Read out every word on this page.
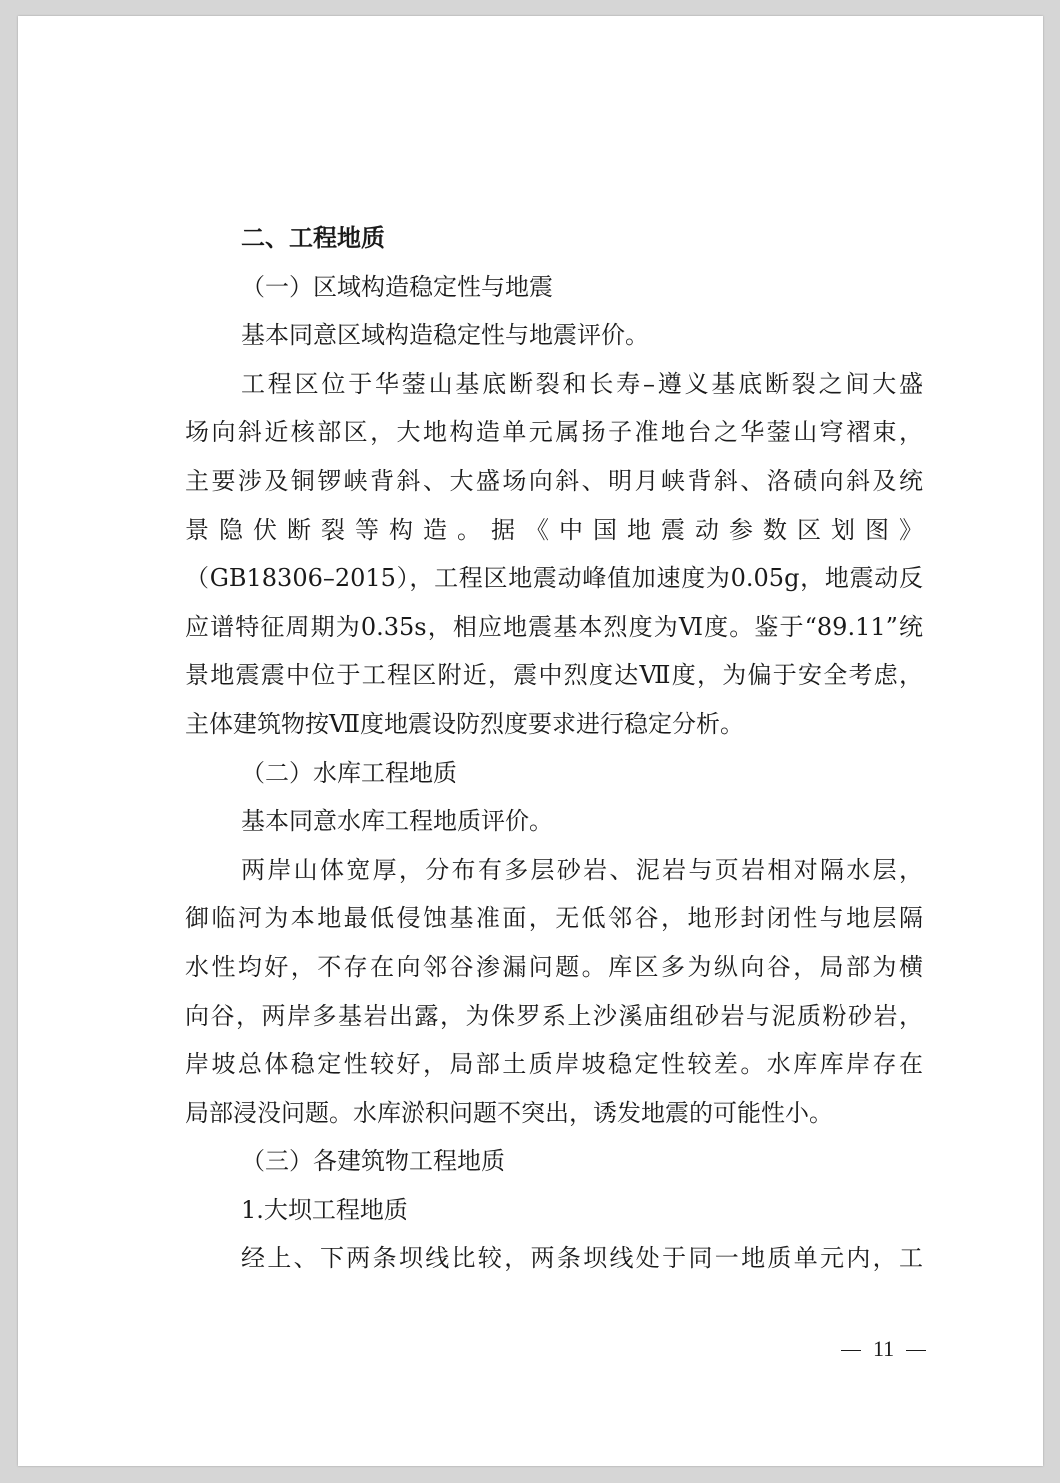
二、工程地质
（一）区域构造稳定性与地震
基本同意区域构造稳定性与地震评价。
工程区位于华蓥山基底断裂和长寿–遵义基底断裂之间大盛
场向斜近核部区，大地构造单元属扬子准地台之华蓥山穹褶束，
主要涉及铜锣峡背斜、大盛场向斜、明月峡背斜、洛碛向斜及统
景隐伏断裂等构造。据《中国地震动参数区划图》
（GB18306–2015），工程区地震动峰值加速度为0.05g，地震动反
应谱特征周期为0.35s，相应地震基本烈度为Ⅵ度。鉴于“89.11”统
景地震震中位于工程区附近，震中烈度达Ⅶ度，为偏于安全考虑，
主体建筑物按Ⅶ度地震设防烈度要求进行稳定分析。
（二）水库工程地质
基本同意水库工程地质评价。
两岸山体宽厚，分布有多层砂岩、泥岩与页岩相对隔水层，
御临河为本地最低侵蚀基准面，无低邻谷，地形封闭性与地层隔
水性均好，不存在向邻谷渗漏问题。库区多为纵向谷，局部为横
向谷，两岸多基岩出露，为侏罗系上沙溪庙组砂岩与泥质粉砂岩，
岸坡总体稳定性较好，局部土质岸坡稳定性较差。水库库岸存在
局部浸没问题。水库淤积问题不突出，诱发地震的可能性小。
（三）各建筑物工程地质
1.大坝工程地质
经上、下两条坝线比较，两条坝线处于同一地质单元内，工
11
